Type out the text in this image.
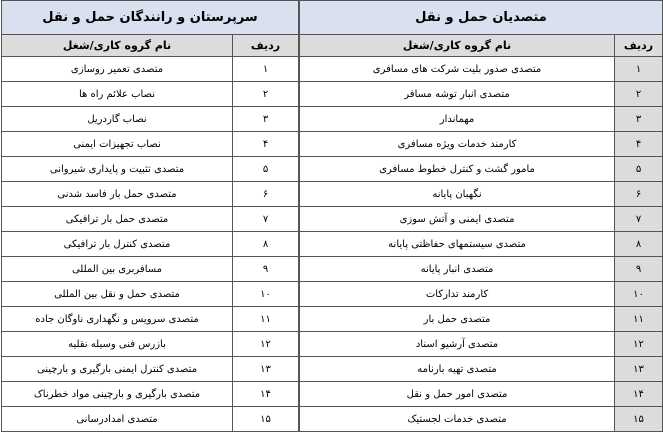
سرپرستان و رانندگان حمل و نقل	
ردیف	نام گروه کاری/شغل
۱	متصدی تعمیر روسازی
۲	نصاب علائم راه ها
۳	نصاب گاردریل
۴	نصاب تجهیزات ایمنی
۵	متصدی تثبیت و پایداری شیروانی
۶	متصدی حمل بار فاسد شدنی
۷	متصدی حمل بار ترافیکی
۸	متصدی کنترل بار ترافیکی
۹	مسافربری بین المللی
۱۰	متصدی حمل و نقل بین المللی
۱۱	متصدی سرویس و نگهداری ناوگان جاده
۱۲	بازرس فنی وسیله نقلیه
۱۳	متصدی کنترل ایمنی بارگیری و بارچینی
۱۴	متصدی بارگیری و بارچینی مواد خطرناک
۱۵	متصدی امدادرسانی
متصدیان حمل و نقل	
ردیف	نام گروه کاری/شغل
۱	متصدی صدور بلیت شرکت های مسافری
۲	متصدی انبار توشه مسافر
۳	مهماندار
۴	کارمند خدمات ویژه مسافری
۵	مامور گشت و کنترل خطوط مسافری
۶	نگهبان پایانه
۷	متصدی ایمنی و آتش سوزی
۸	متصدی سیستمهای حفاظتی پایانه
۹	متصدی انبار پایانه
۱۰	کارمند تدارکات
۱۱	متصدی حمل بار
۱۲	متصدی آرشیو اسناد
۱۳	متصدی تهیه بارنامه
۱۴	متصدی امور حمل و نقل
۱۵	متصدی خدمات لجستیک
